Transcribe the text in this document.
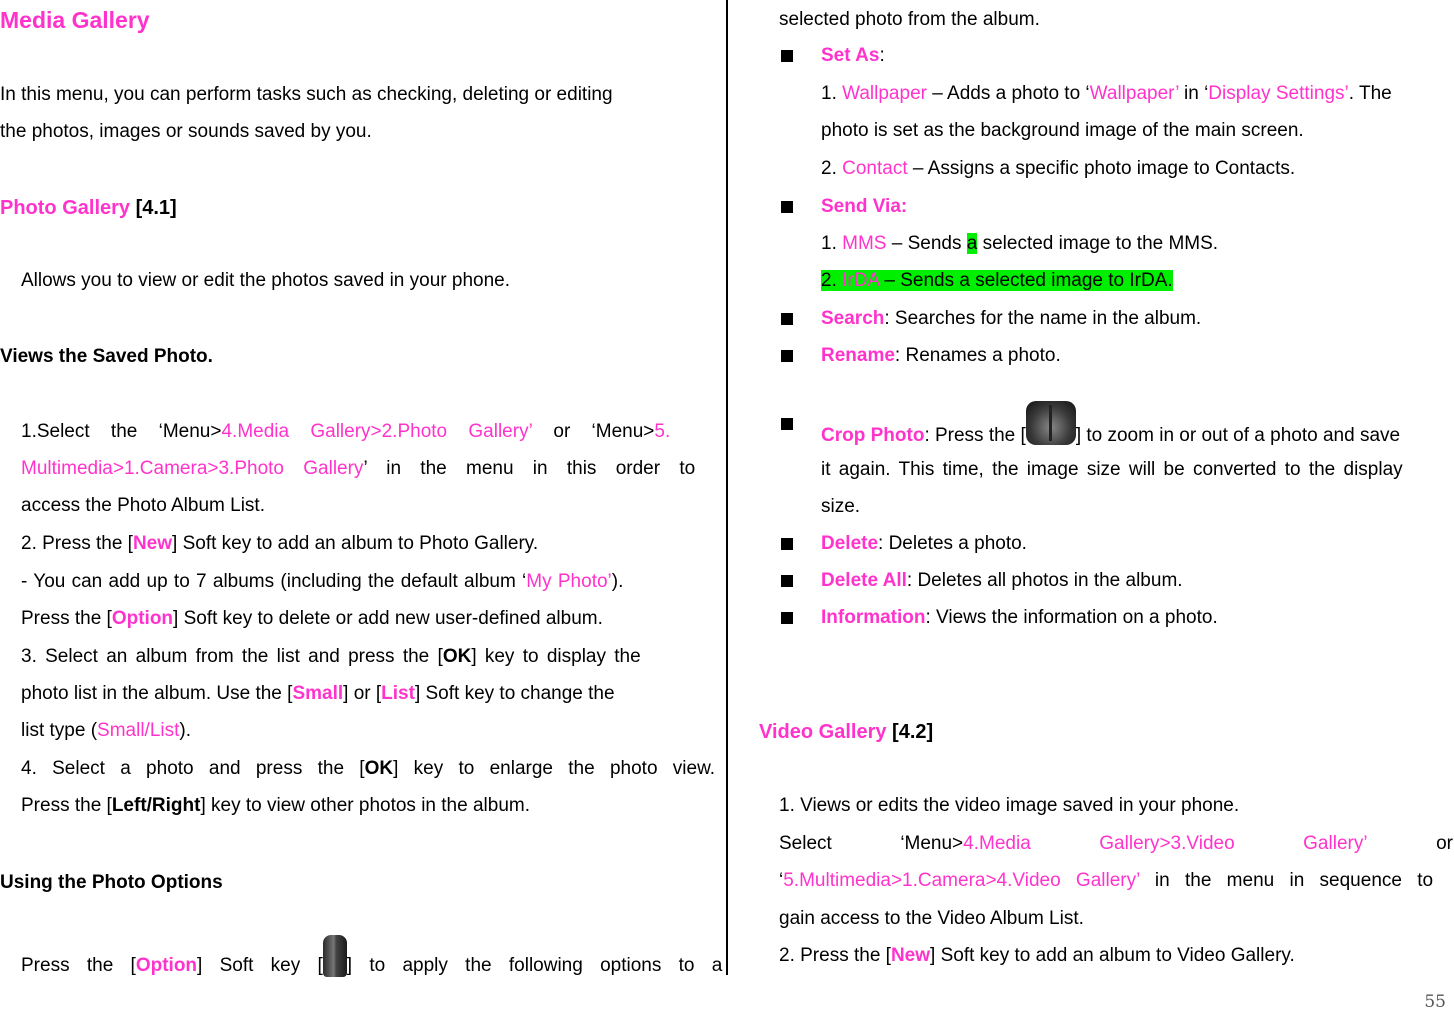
Media Gallery
In this menu, you can perform tasks such as checking, deleting or editing
the photos, images or sounds saved by you.
Photo Gallery [4.1]
Allows you to view or edit the photos saved in your phone.
Views the Saved Photo.
1.Select the ‘Menu>4.Media Gallery>2.Photo Gallery’ or ‘Menu>5.
Multimedia>1.Camera>3.Photo Gallery’ in the menu in this order to
access the Photo Album List.
2. Press the [New] Soft key to add an album to Photo Gallery.
- You can add up to 7 albums (including the default album ‘My Photo’).
Press the [Option] Soft key to delete or add new user-defined album.
3. Select an album from the list and press the [OK] key to display the
photo list in the album. Use the [Small] or [List] Soft key to change the
list type (Small/List).
4. Select a photo and press the [OK] key to enlarge the photo view.
Press the [Left/Right] key to view other photos in the album.
Using the Photo Options
Press the [Option] Soft key [ ] to apply the following options to a
selected photo from the album.
Set As:
1. Wallpaper – Adds a photo to ‘Wallpaper’ in ‘Display Settings’. The
photo is set as the background image of the main screen.
2. Contact – Assigns a specific photo image to Contacts.
Send Via:
1. MMS – Sends a selected image to the MMS.
2. IrDA – Sends a selected image to IrDA.
Search: Searches for the name in the album.
Rename: Renames a photo.
Crop Photo: Press the [	] to zoom in or out of a photo and save
it again. This time, the image size will be converted to the display
size.
Delete: Deletes a photo.
Delete All: Deletes all photos in the album.
Information: Views the information on a photo.
Video Gallery [4.2]
1. Views or edits the video image saved in your phone.
Select	‘Menu>4.Media	Gallery>3.Video	Gallery’	or
‘5.Multimedia>1.Camera>4.Video Gallery’ in the menu in sequence to
gain access to the Video Album List.
2. Press the [New] Soft key to add an album to Video Gallery.
55
